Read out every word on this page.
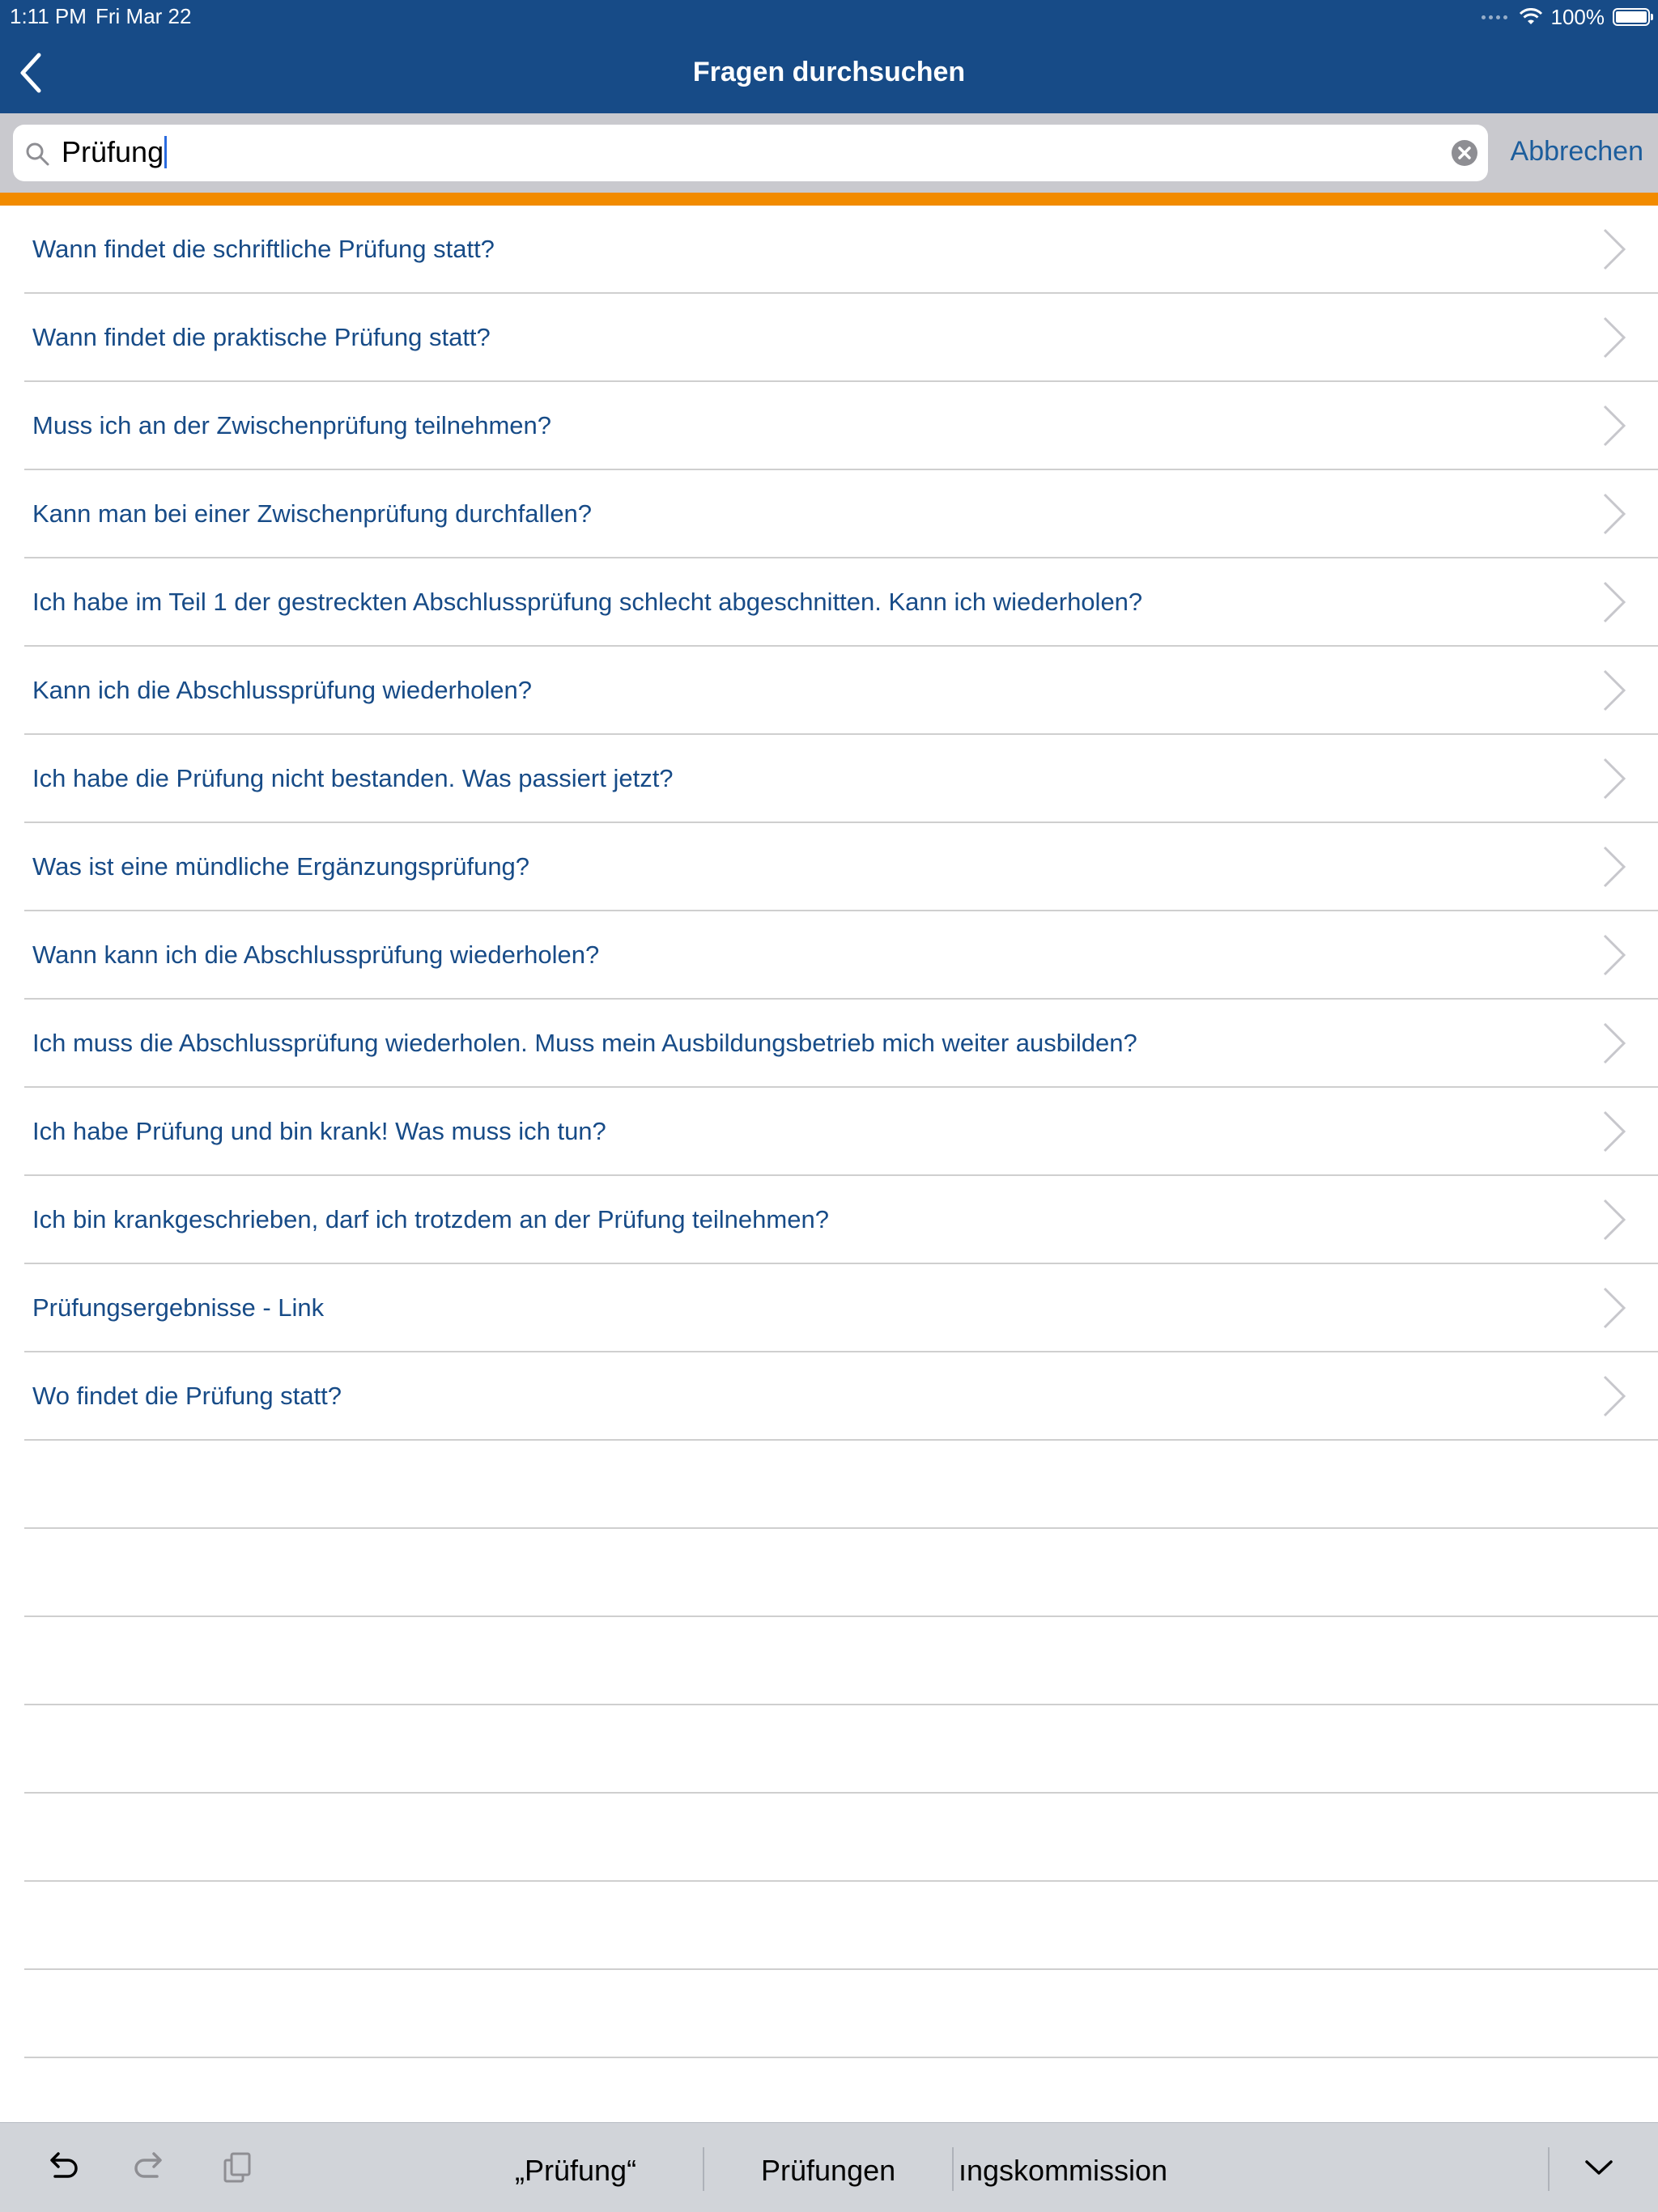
1:11 PM Fri Mar 22	100%
Fragen durchsuchen
Prüfung	Abbrechen
Wann findet die schriftliche Prüfung statt?
Wann findet die praktische Prüfung statt?
Muss ich an der Zwischenprüfung teilnehmen?
Kann man bei einer Zwischenprüfung durchfallen?
Ich habe im Teil 1 der gestreckten Abschlussprüfung schlecht abgeschnitten. Kann ich wiederholen?
Kann ich die Abschlussprüfung wiederholen?
Ich habe die Prüfung nicht bestanden. Was passiert jetzt?
Was ist eine mündliche Ergänzungsprüfung?
Wann kann ich die Abschlussprüfung wiederholen?
Ich muss die Abschlussprüfung wiederholen. Muss mein Ausbildungsbetrieb mich weiter ausbilden?
Ich habe Prüfung und bin krank! Was muss ich tun?
Ich bin krankgeschrieben, darf ich trotzdem an der Prüfung teilnehmen?
Prüfungsergebnisse - Link
Wo findet die Prüfung statt?
„Prüfung“	Prüfungen ıngskommission
